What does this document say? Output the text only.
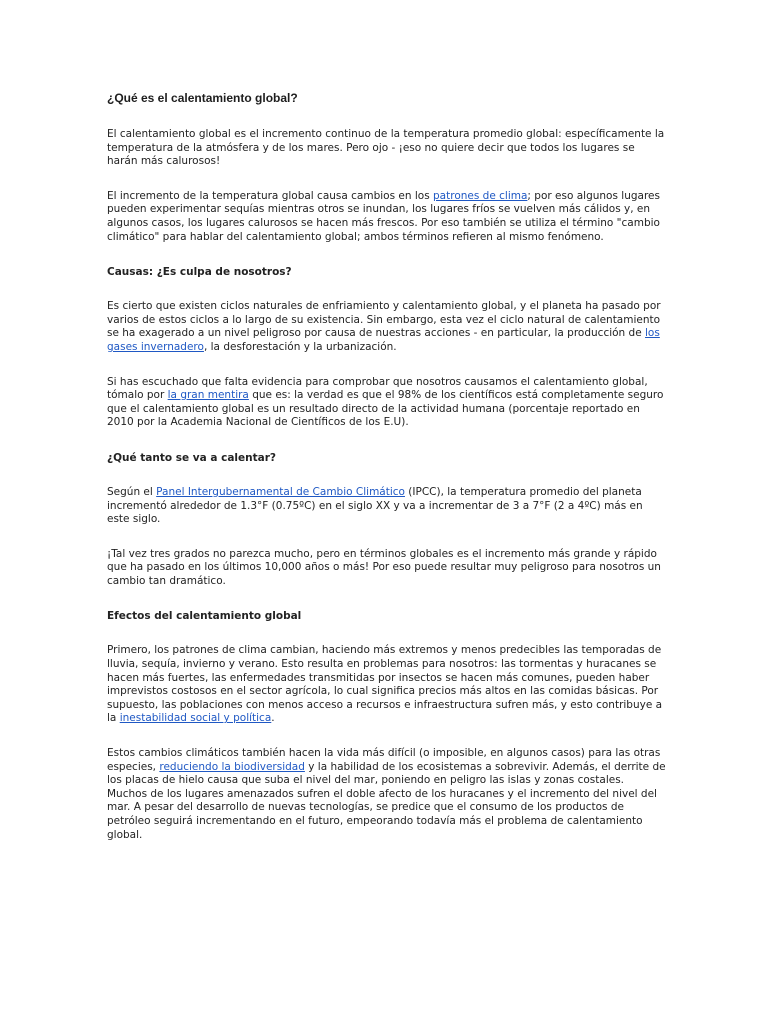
¿Qué es el calentamiento global?

El calentamiento global es el incremento continuo de la temperatura promedio global: específicamente la temperatura de la atmósfera y de los mares. Pero ojo - ¡eso no quiere decir que todos los lugares se harán más calurosos!

El incremento de la temperatura global causa cambios en los patrones de clima; por eso algunos lugares pueden experimentar sequías mientras otros se inundan, los lugares fríos se vuelven más cálidos y, en algunos casos, los lugares calurosos se hacen más frescos. Por eso también se utiliza el término "cambio climático" para hablar del calentamiento global; ambos términos refieren al mismo fenómeno.

Causas: ¿Es culpa de nosotros?

Es cierto que existen ciclos naturales de enfriamiento y calentamiento global, y el planeta ha pasado por varios de estos ciclos a lo largo de su existencia. Sin embargo, esta vez el ciclo natural de calentamiento se ha exagerado a un nivel peligroso por causa de nuestras acciones - en particular, la producción de los gases invernadero, la desforestación y la urbanización.

Si has escuchado que falta evidencia para comprobar que nosotros causamos el calentamiento global, tómalo por la gran mentira que es: la verdad es que el 98% de los científicos está completamente seguro que el calentamiento global es un resultado directo de la actividad humana (porcentaje reportado en 2010 por la Academia Nacional de Científicos de los E.U).

¿Qué tanto se va a calentar?

Según el Panel Intergubernamental de Cambio Climático (IPCC), la temperatura promedio del planeta incrementó alrededor de 1.3°F (0.75ºC) en el siglo XX y va a incrementar de 3 a 7°F (2 a 4ºC) más en este siglo.

¡Tal vez tres grados no parezca mucho, pero en términos globales es el incremento más grande y rápido que ha pasado en los últimos 10,000 años o más! Por eso puede resultar muy peligroso para nosotros un cambio tan dramático.

Efectos del calentamiento global

Primero, los patrones de clima cambian, haciendo más extremos y menos predecibles las temporadas de lluvia, sequía, invierno y verano. Esto resulta en problemas para nosotros: las tormentas y huracanes se hacen más fuertes, las enfermedades transmitidas por insectos se hacen más comunes, pueden haber imprevistos costosos en el sector agrícola, lo cual significa precios más altos en las comidas básicas. Por supuesto, las poblaciones con menos acceso a recursos e infraestructura sufren más, y esto contribuye a la inestabilidad social y política.

Estos cambios climáticos también hacen la vida más difícil (o imposible, en algunos casos) para las otras especies, reduciendo la biodiversidad y la habilidad de los ecosistemas a sobrevivir. Además, el derrite de los placas de hielo causa que suba el nivel del mar, poniendo en peligro las islas y zonas costales. Muchos de los lugares amenazados sufren el doble afecto de los huracanes y el incremento del nivel del mar. A pesar del desarrollo de nuevas tecnologías, se predice que el consumo de los productos de petróleo seguirá incrementando en el futuro, empeorando todavía más el problema de calentamiento global.
